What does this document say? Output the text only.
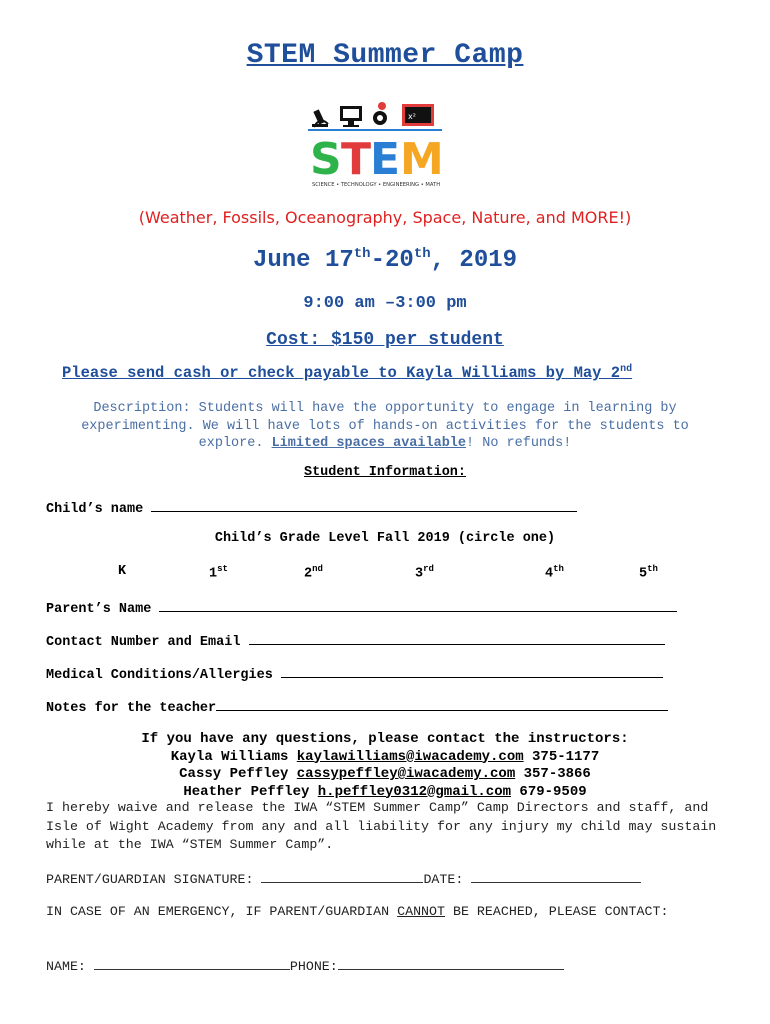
STEM Summer Camp
x²
S T
E M
SCIENCE • TECHNOLOGY • ENGINEERING • MATH
(Weather, Fossils, Oceanography, Space, Nature, and MORE!)
June 17th-20th, 2019
9:00 am –3:00 pm
Cost: $150 per student
Please send cash or check payable to Kayla Williams by May 2nd
Description: Students will have the opportunity to engage in learning by experimenting. We will have lots of hands-on activities for the students to explore. Limited spaces available! No refunds!
Student Information:
Child’s name
Child’s Grade Level Fall 2019 (circle one)
K	1st	2nd	3rd	4th	5th
Parent’s Name
Contact Number and Email
Medical Conditions/Allergies
Notes for the teacher
If you have any questions, please contact the instructors:
Kayla Williams kaylawilliams@iwacademy.com 375-1177
Cassy Peffley cassypeffley@iwacademy.com 357-3866
Heather Peffley h.peffley0312@gmail.com 679-9509
I hereby waive and release the IWA “STEM Summer Camp” Camp Directors and staff, and Isle of Wight Academy from any and all liability for any injury my child may sustain while at the IWA “STEM Summer Camp”.
PARENT/GUARDIAN SIGNATURE:	DATE:
IN CASE OF AN EMERGENCY, IF PARENT/GUARDIAN CANNOT BE REACHED, PLEASE CONTACT:
NAME:	PHONE:
